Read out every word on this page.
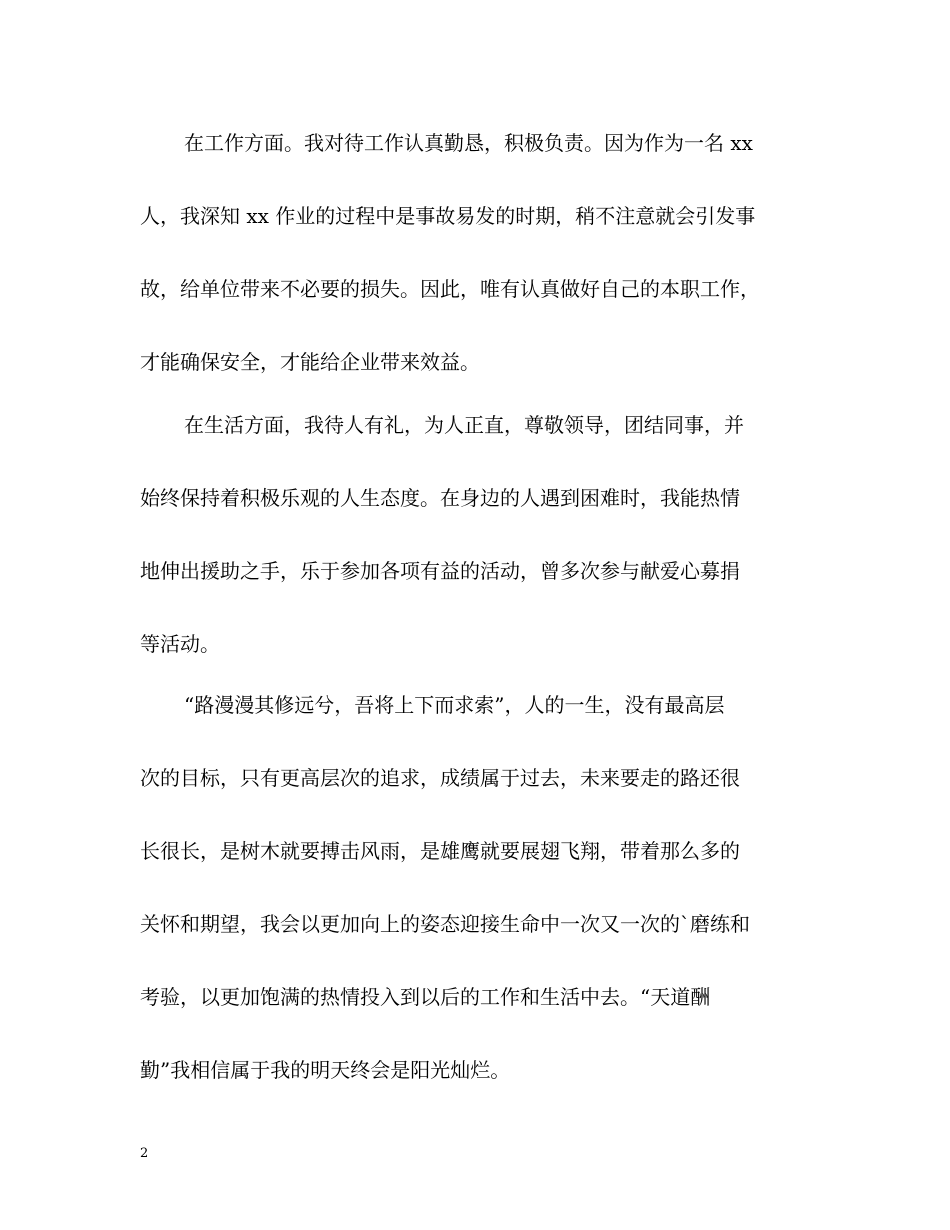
在工作方面。我对待工作认真勤恳，积极负责。因为作为一名 xx
人，我深知 xx 作业的过程中是事故易发的时期，稍不注意就会引发事
故，给单位带来不必要的损失。因此，唯有认真做好自己的本职工作，
才能确保安全，才能给企业带来效益。
在生活方面，我待人有礼，为人正直，尊敬领导，团结同事，并
始终保持着积极乐观的人生态度。在身边的人遇到困难时，我能热情
地伸出援助之手，乐于参加各项有益的活动，曾多次参与献爱心募捐
等活动。
“路漫漫其修远兮，吾将上下而求索”，人的一生，没有最高层
次的目标，只有更高层次的追求，成绩属于过去，未来要走的路还很
长很长，是树木就要搏击风雨，是雄鹰就要展翅飞翔，带着那么多的
关怀和期望，我会以更加向上的姿态迎接生命中一次又一次的`磨练和
考验，以更加饱满的热情投入到以后的工作和生活中去。“天道酬
勤”我相信属于我的明天终会是阳光灿烂。
2
